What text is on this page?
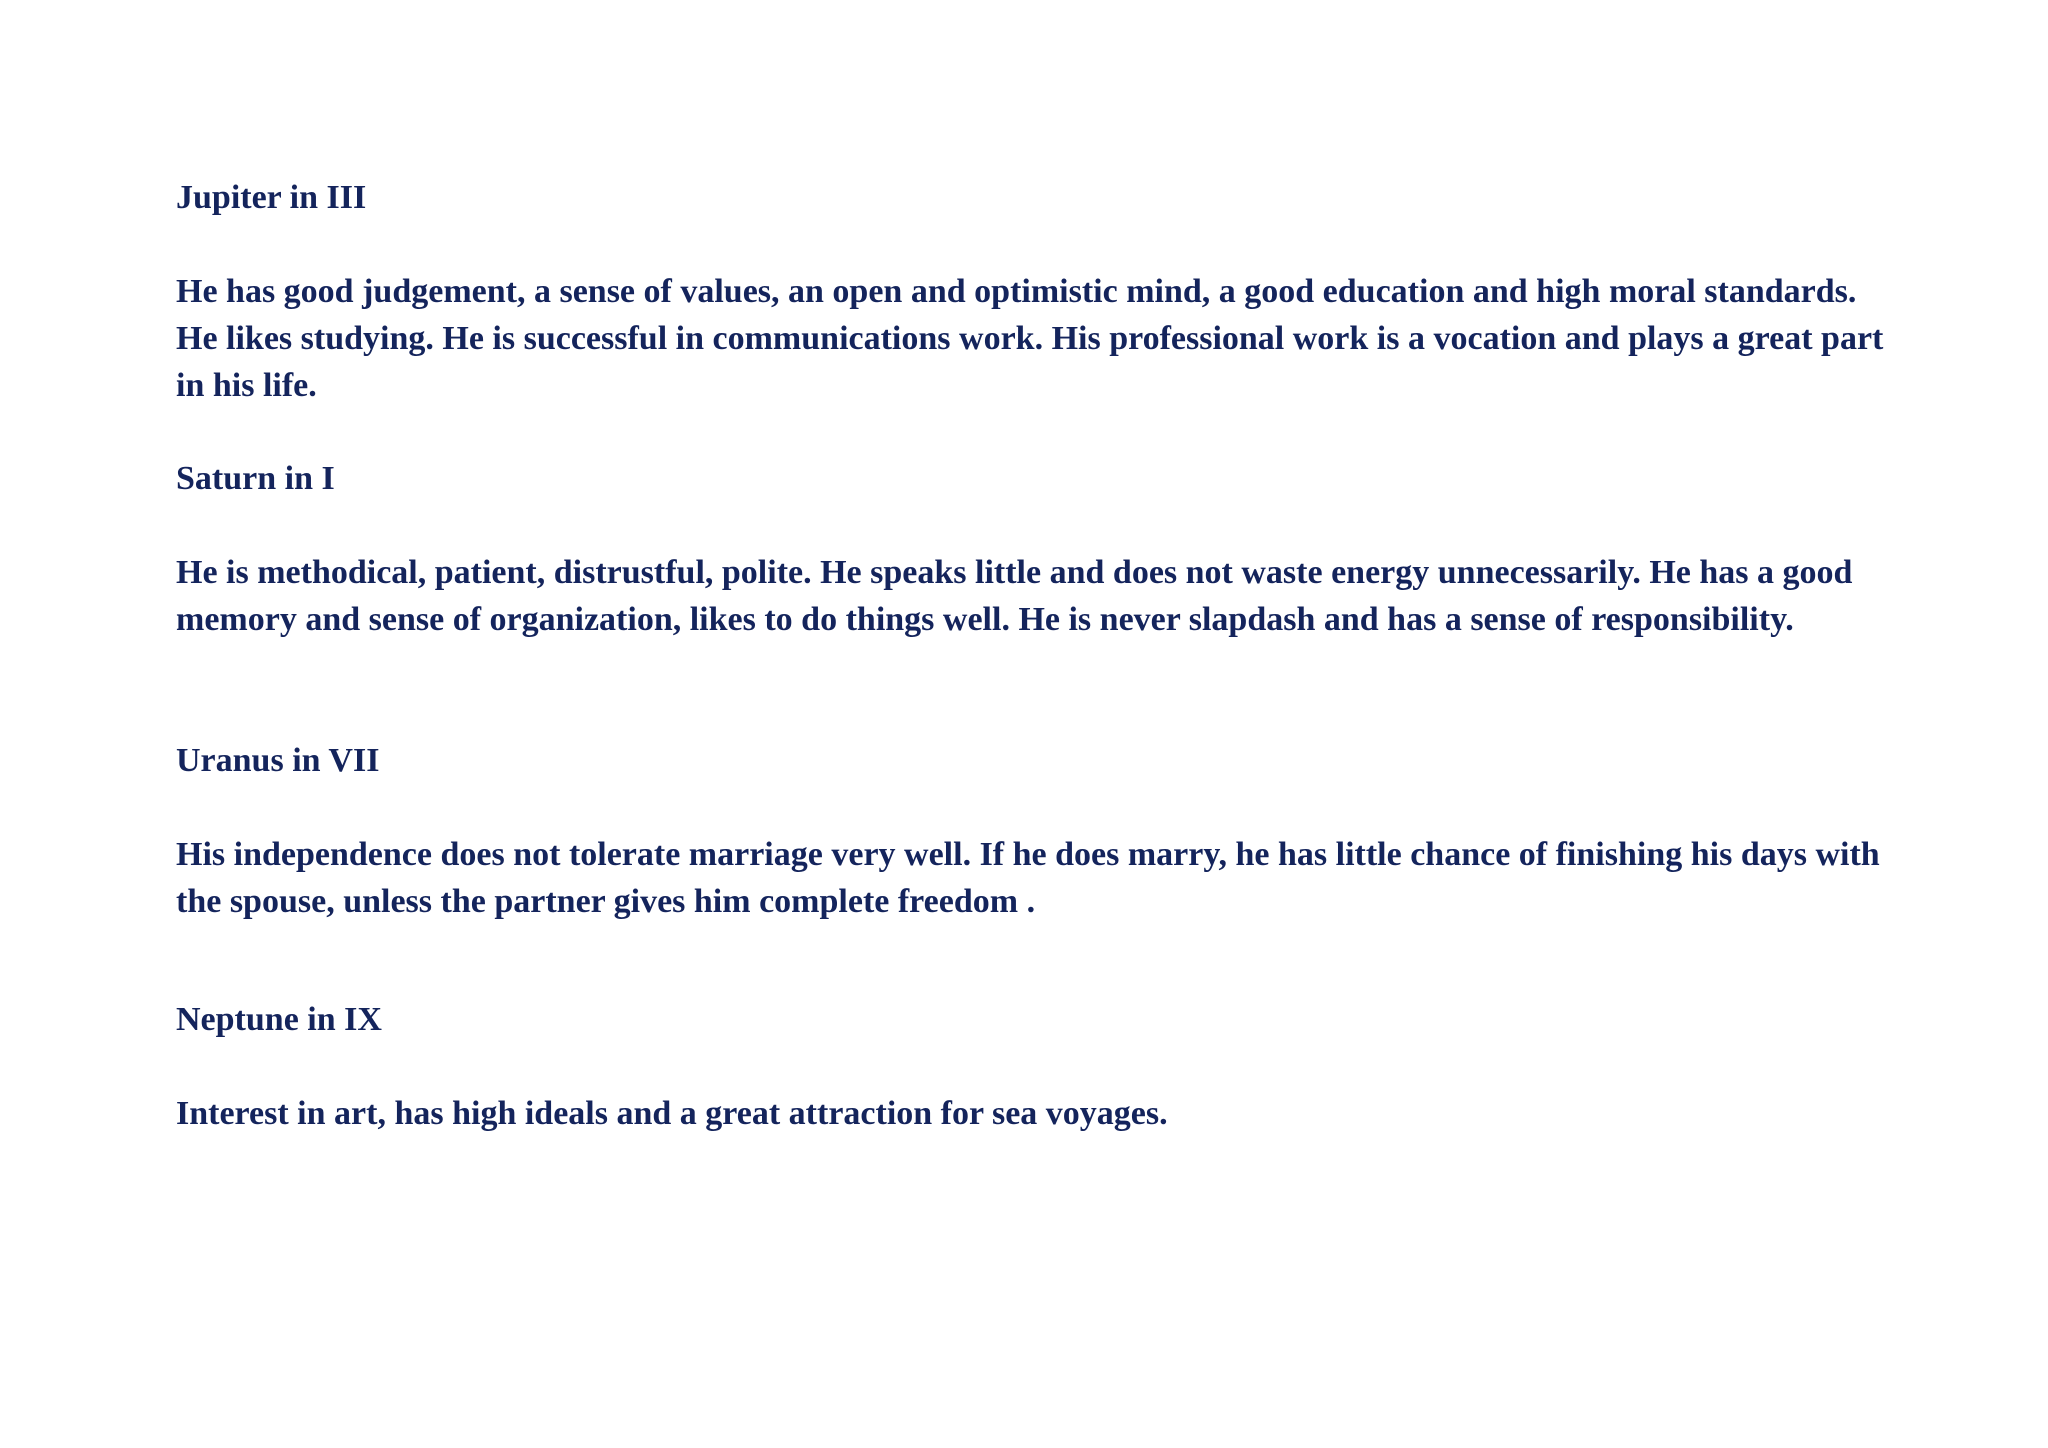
Jupiter in III

He has good judgement, a sense of values, an open and optimistic mind, a good education and high moral standards. He likes studying. He is successful in communications work. His professional work is a vocation and plays a great part in his life.

Saturn in I

He is methodical, patient, distrustful, polite. He speaks little and does not waste energy unnecessarily. He has a good memory and sense of organization, likes to do things well. He is never slapdash and has a sense of responsibility.

Uranus in VII

His independence does not tolerate marriage very well. If he does marry, he has little chance of finishing his days with the spouse, unless the partner gives him complete freedom .

Neptune in IX

Interest in art, has high ideals and a great attraction for sea voyages.
